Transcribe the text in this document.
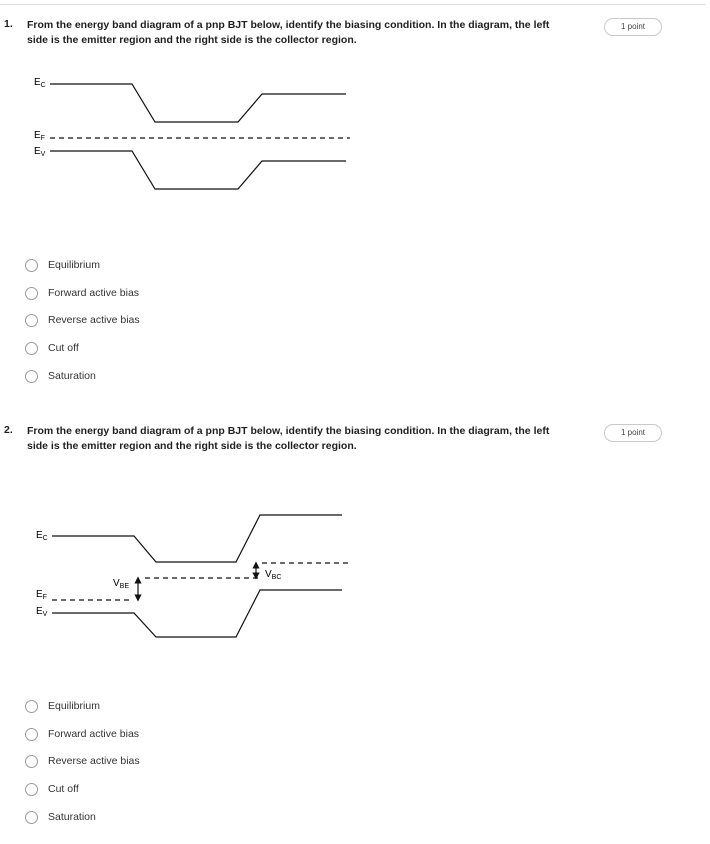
1. From the energy band diagram of a pnp BJT below, identify the biasing condition. In the diagram, the left side is the emitter region and the right side is the collector region.
1 point
$E_C$
$E_F$
$E_V$
Equilibrium
Forward active bias
Reverse active bias
Cut off
Saturation
2. From the energy band diagram of a pnp BJT below, identify the biasing condition. In the diagram, the left side is the emitter region and the right side is the collector region.
1 point
$E_C$
$E_F$
$E_V$
$V_{BE}$
$V_{BC}$
Equilibrium
Forward active bias
Reverse active bias
Cut off
Saturation
